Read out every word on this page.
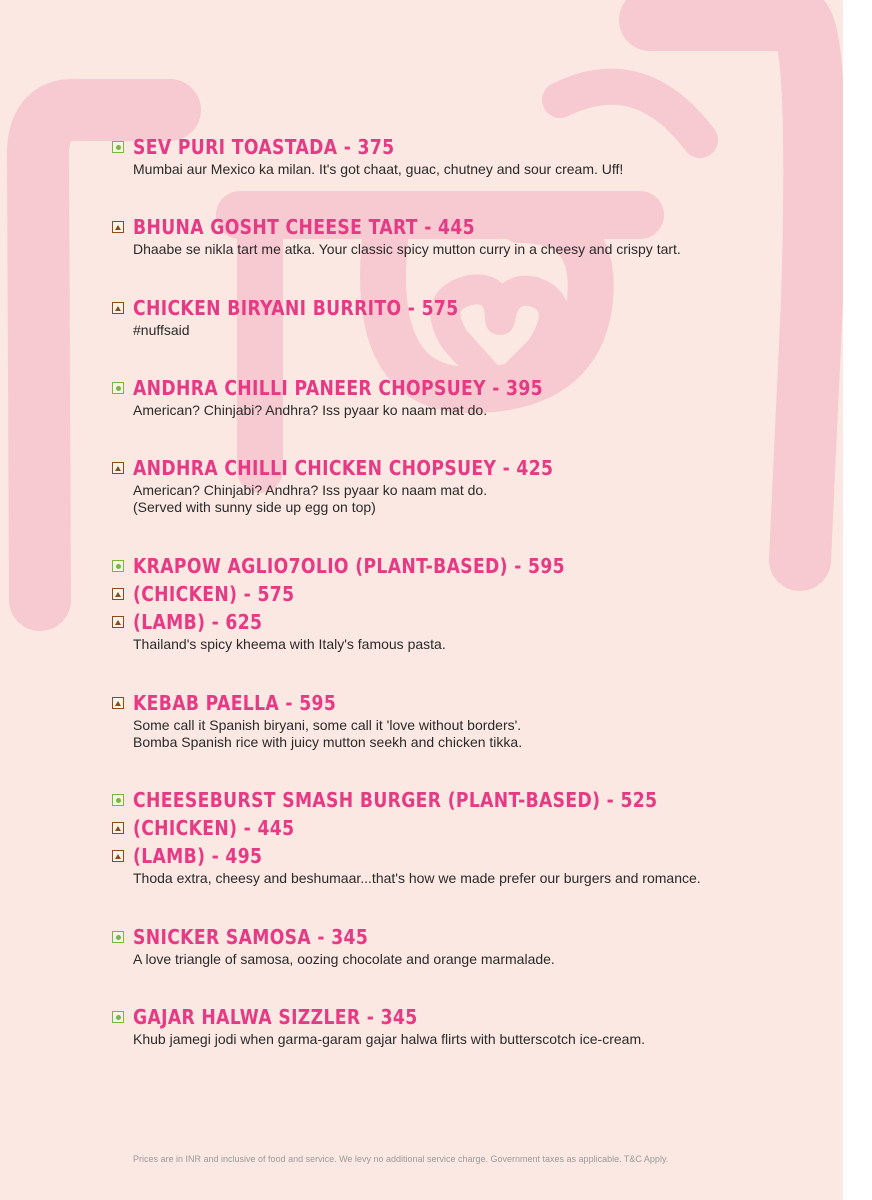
SEV PURI TOASTADA - 375
Mumbai aur Mexico ka milan. It's got chaat, guac, chutney and sour cream. Uff!
BHUNA GOSHT CHEESE TART - 445
Dhaabe se nikla tart me atka. Your classic spicy mutton curry in a cheesy and crispy tart.
CHICKEN BIRYANI BURRITO - 575
#nuffsaid
ANDHRA CHILLI PANEER CHOPSUEY - 395
American? Chinjabi? Andhra? Iss pyaar ko naam mat do.
ANDHRA CHILLI CHICKEN CHOPSUEY - 425
American? Chinjabi? Andhra? Iss pyaar ko naam mat do.
(Served with sunny side up egg on top)
KRAPOW AGLIO7OLIO (PLANT-BASED) - 595
(CHICKEN) - 575
(LAMB) - 625
Thailand's spicy kheema with Italy's famous pasta.
KEBAB PAELLA - 595
Some call it Spanish biryani, some call it 'love without borders'.
Bomba Spanish rice with juicy mutton seekh and chicken tikka.
CHEESEBURST SMASH BURGER (PLANT-BASED) - 525
(CHICKEN) - 445
(LAMB) - 495
Thoda extra, cheesy and beshumaar...that's how we made prefer our burgers and romance.
SNICKER SAMOSA - 345
A love triangle of samosa, oozing chocolate and orange marmalade.
GAJAR HALWA SIZZLER - 345
Khub jamegi jodi when garma-garam gajar halwa flirts with butterscotch ice-cream.
Prices are in INR and inclusive of food and service. We levy no additional service charge. Government taxes as applicable. T&C Apply.
